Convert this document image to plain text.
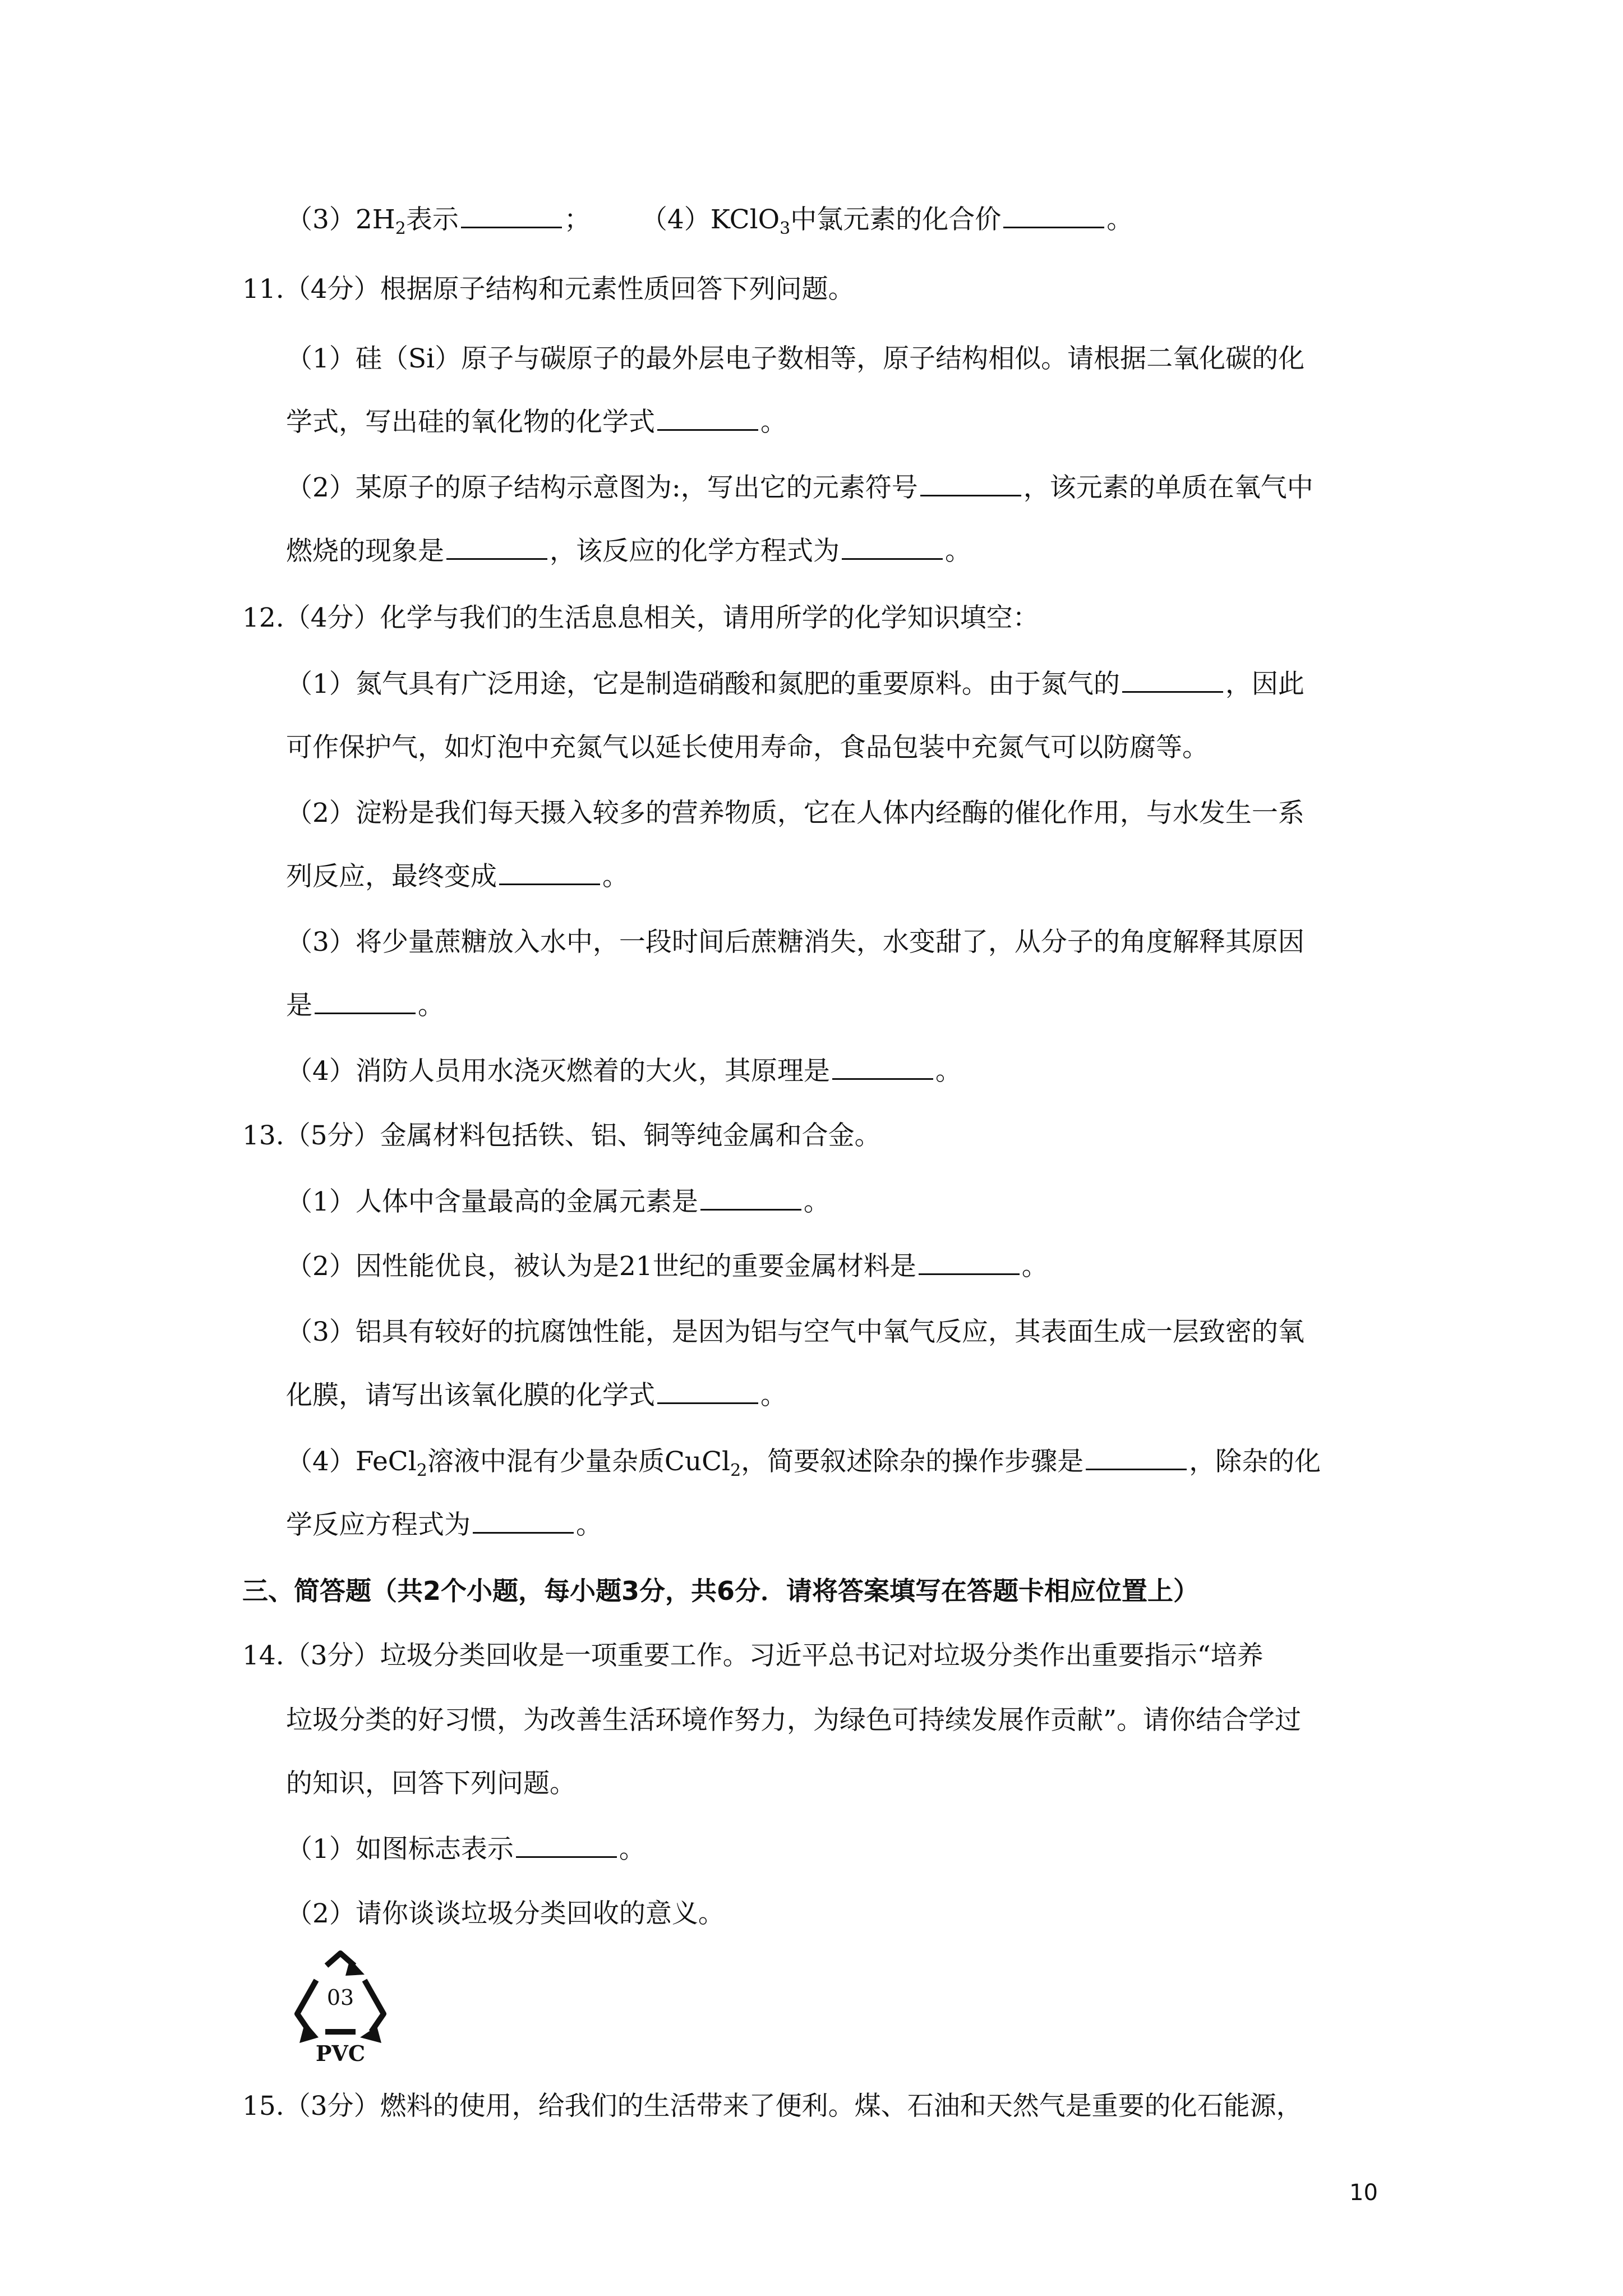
$(3)2H_2$表示	； （4）KClO$_3$中氯元素的化合价	。
11.（4分）根据原子结构和元素性质回答下列问题。
（1）硅（Si）原子与碳原子的最外层电子数相等，原子结构相似。请根据二氧化碳的化
学式，写出硅的氧化物的化学式	。
（2）某原子的原子结构示意图为:，写出它的元素符号	，该元素的单质在氧气中
燃烧的现象是	，该反应的化学方程式为	。
12.（4分）化学与我们的生活息息相关，请用所学的化学知识填空：
（1）氮气具有广泛用途，它是制造硝酸和氮肥的重要原料。由于氮气的	，因此
可作保护气，如灯泡中充氮气以延长使用寿命，食品包装中充氮气可以防腐等。
（2）淀粉是我们每天摄入较多的营养物质，它在人体内经酶的催化作用，与水发生一系
列反应，最终变成	。
（3）将少量蔗糖放入水中，一段时间后蔗糖消失，水变甜了，从分子的角度解释其原因
是	。
（4）消防人员用水浇灭燃着的大火，其原理是	。
13.（5分）金属材料包括铁、铝、铜等纯金属和合金。
（1）人体中含量最高的金属元素是	。
（2）因性能优良，被认为是21世纪的重要金属材料是	。
（3）铝具有较好的抗腐蚀性能，是因为铝与空气中氧气反应，其表面生成一层致密的氧
化膜，请写出该氧化膜的化学式	。
（4）FeCl$_2$溶液中混有少量杂质CuCl$_2$，简要叙述除杂的操作步骤是	，除杂的化
学反应方程式为	。
三、简答题（共2个小题，每小题3分，共6分．请将答案填写在答题卡相应位置上）
14.（3分）垃圾分类回收是一项重要工作。习近平总书记对垃圾分类作出重要指示“培养
垃圾分类的好习惯，为改善生活环境作努力，为绿色可持续发展作贡献”。请你结合学过
的知识，回答下列问题。
（1）如图标志表示	。
（2）请你谈谈垃圾分类回收的意义。
03
PVC
15.（3分）燃料的使用，给我们的生活带来了便利。煤、石油和天然气是重要的化石能源，
10
